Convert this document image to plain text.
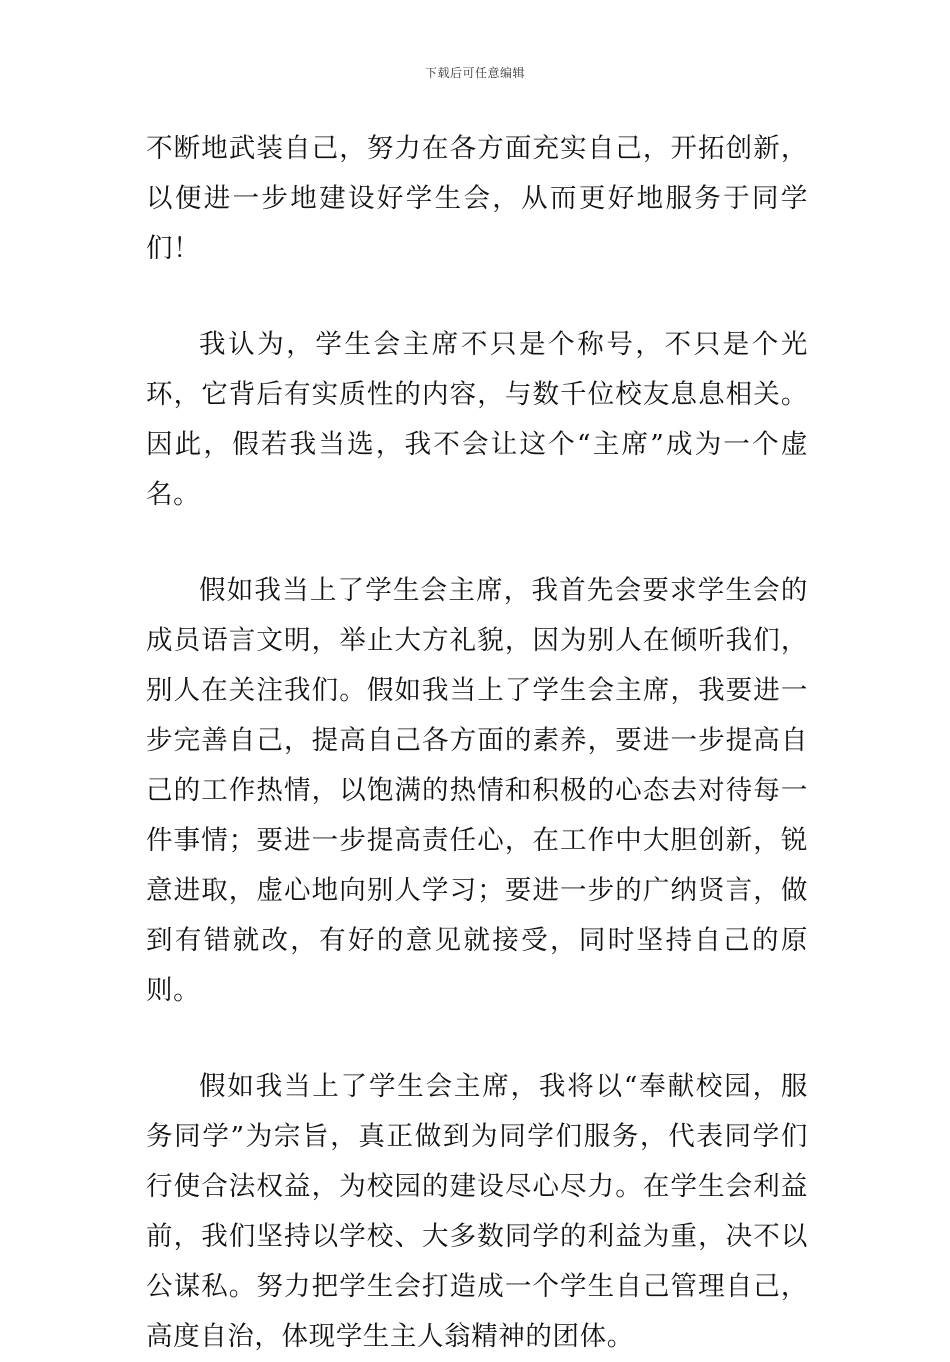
下载后可任意编辑

不断地武装自己，努力在各方面充实自己，开拓创新，以便进一步地建设好学生会，从而更好地服务于同学们！

我认为，学生会主席不只是个称号，不只是个光环，它背后有实质性的内容，与数千位校友息息相关。因此，假若我当选，我不会让这个“主席”成为一个虚名。

假如我当上了学生会主席，我首先会要求学生会的成员语言文明，举止大方礼貌，因为别人在倾听我们，别人在关注我们。假如我当上了学生会主席，我要进一步完善自己，提高自己各方面的素养，要进一步提高自己的工作热情，以饱满的热情和积极的心态去对待每一件事情；要进一步提高责任心，在工作中大胆创新，锐意进取，虚心地向别人学习；要进一步的广纳贤言，做到有错就改，有好的意见就接受，同时坚持自己的原则。

假如我当上了学生会主席，我将以“奉献校园，服务同学”为宗旨，真正做到为同学们服务，代表同学们行使合法权益，为校园的建设尽心尽力。在学生会利益前，我们坚持以学校、大多数同学的利益为重，决不以公谋私。努力把学生会打造成一个学生自己管理自己，高度自治，体现学生主人翁精神的团体。
